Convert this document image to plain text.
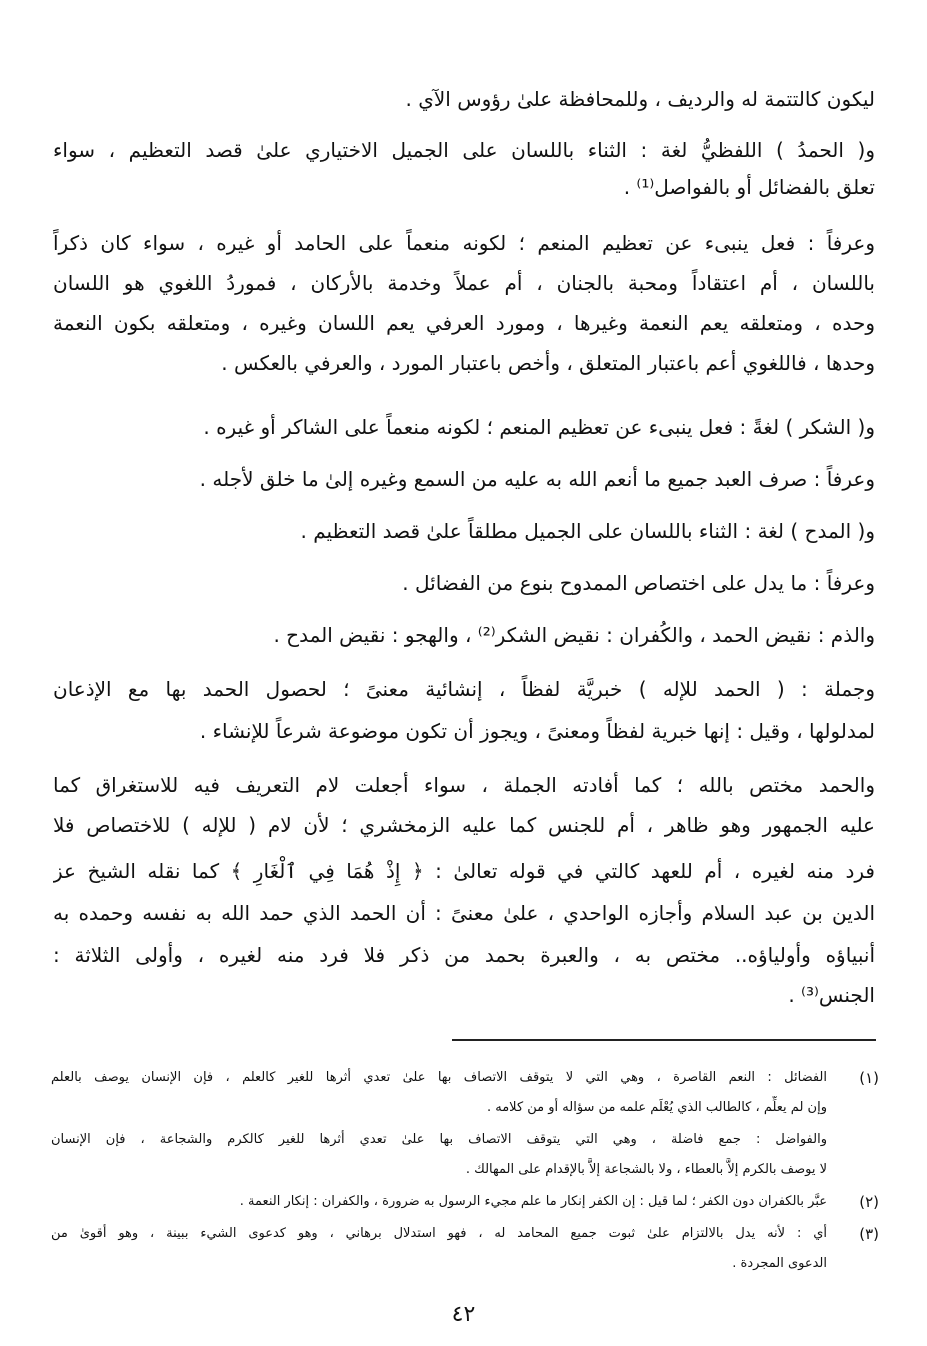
ليكون كالتتمة له والرديف ، وللمحافظة علىٰ رؤوس الآي .
و( الحمدُ ) اللفظيُّ لغة : الثناء باللسان على الجميل الاختياري علىٰ قصد التعظيم ، سواء
تعلق بالفضائل أو بالفواصل⁽¹⁾ .
وعرفاً : فعل ينبىء عن تعظيم المنعم ؛ لكونه منعماً على الحامد أو غيره ، سواء كان ذكراً
باللسان ، أم اعتقاداً ومحبة بالجنان ، أم عملاً وخدمة بالأركان ، فموردُ اللغوي هو اللسان
وحده ، ومتعلقه يعم النعمة وغيرها ، ومورد العرفي يعم اللسان وغيره ، ومتعلقه بكون النعمة
وحدها ، فاللغوي أعم باعتبار المتعلق ، وأخص باعتبار المورد ، والعرفي بالعكس .
و( الشكر ) لغةً : فعل ينبىء عن تعظيم المنعم ؛ لكونه منعماً على الشاكر أو غيره .
وعرفاً : صرف العبد جميع ما أنعم الله به عليه من السمع وغيره إلىٰ ما خلق لأجله .
و( المدح ) لغة : الثناء باللسان على الجميل مطلقاً علىٰ قصد التعظيم .
وعرفاً : ما يدل على اختصاص الممدوح بنوع من الفضائل .
والذم : نقيض الحمد ، والكُفران : نقيض الشكر⁽²⁾ ، والهجو : نقيض المدح .
وجملة : ( الحمد للإله ) خبريَّة لفظاً ، إنشائية معنىً ؛ لحصول الحمد بها مع الإذعان
لمدلولها ، وقيل : إنها خبرية لفظاً ومعنىً ، ويجوز أن تكون موضوعة شرعاً للإنشاء .
والحمد مختص بالله ؛ كما أفادته الجملة ، سواء أجعلت لام التعريف فيه للاستغراق كما
عليه الجمهور وهو ظاهر ، أم للجنس كما عليه الزمخشري ؛ لأن لام ( للإله ) للاختصاص فلا
فرد منه لغيره ، أم للعهد كالتي في قوله تعالىٰ : ﴿ إِذْ هُمَا فِي ٱلْغَارِ ﴾ كما نقله الشيخ عز
الدين بن عبد السلام وأجازه الواحدي ، علىٰ معنىً : أن الحمد الذي حمد الله به نفسه وحمده به
أنبياؤه وأولياؤه.. مختص به ، والعبرة بحمد من ذكر فلا فرد منه لغيره ، وأولى الثلاثة :
الجنس⁽³⁾ .
(١)
الفضائل : النعم القاصرة ، وهي التي لا يتوقف الاتصاف بها علىٰ تعدي أثرها للغير كالعلم ، فإن الإنسان يوصف بالعلم
وإن لم يعلِّم ، كالطالب الذي يُعْلَم علمه من سؤاله أو من كلامه .
والفواضل : جمع فاضلة ، وهي التي يتوقف الاتصاف بها علىٰ تعدي أثرها للغير كالكرم والشجاعة ، فإن الإنسان
لا يوصف بالكرم إلاَّ بالعطاء ، ولا بالشجاعة إلاَّ بالإقدام على المهالك .
(٢)
عبَّر بالكفران دون الكفر ؛ لما قيل : إن الكفر إنكار ما علم مجيء الرسول به ضرورة ، والكفران : إنكار النعمة .
(٣)
أي : لأنه يدل بالالتزام علىٰ ثبوت جميع المحامد له ، فهو استدلال برهاني ، وهو كدعوى الشيء ببينة ، وهو أقوىٰ من
الدعوى المجردة .
٤٢
